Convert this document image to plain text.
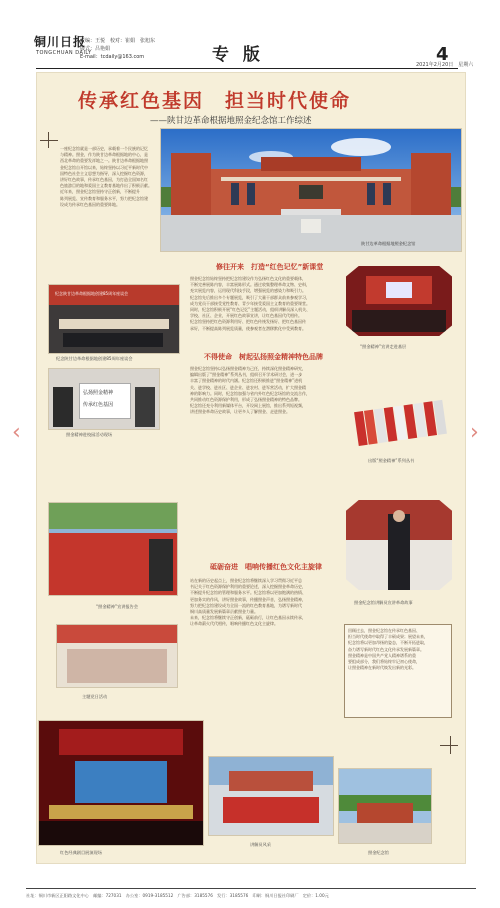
铜川日报
TONGCHUAN DAILY
责编：王悦　校对：崔娟　张旭东
版式：吕艳娟
E-mail：tcdaily@163.com	专 版	4
2021年2月20日　星期六
‹	›
传承红色基因　担当时代使命
——陕甘边革命根据地照金纪念馆工作综述
陕甘边革命根据地照金纪念馆
一座纪念馆就是一部历史，承载着一个民族的记忆
与精神。照金，作为陕甘边革命根据地的中心，是
西北革命的重要发祥地之一。陕甘边革命根据地照
金纪念馆自开馆以来，始终坚持以习近平新时代中
国特色社会主义思想为指导，深入挖掘红色资源，
讲好红色故事，传承红色基因，为打造全国知名红
色旅游目的地和爱国主义教育基地作出了积极贡献。
近年来，照金纪念馆坚持守正创新，不断提升
陈列展览、宣传教育和服务水平，努力把纪念馆建
设成为传承红色基因的重要阵地。
纪念陕甘边革命根据地创建85周年座谈会
纪念陕甘边革命根据地创建85周年座谈会
弘扬照金精神
传承红色基因
照金精神进校园活动现场
“照金精神”宣讲报告会
主题党日活动
修往开来　打造“红色记忆”新课堂
照金纪念馆始终坚持把纪念馆建设作为弘扬红色文化的重要载体，
不断完善展陈内容，丰富展陈形式。通过收集整理革命文物、史料，
充实展览内容，运用现代科技手段，增强展览的感染力和吸引力。
纪念馆先后推出多个专题展览，吸引了大量干部群众前来参观学习，
成为党员干部接受党性教育、青少年接受爱国主义教育的重要课堂。
同时，纪念馆积极开展“红色记忆”主题活动，组织讲解员深入机关、
学校、社区、企业，开展红色故事宣讲，让红色基因代代相传。
纪念馆坚持把红色资源利用好、把红色传统发扬好、把红色基因传
承好，不断提高陈列展览质量，使参观者在潜移默化中受到教育。
不得使命　树起弘扬照金精神特色品牌
照金纪念馆坚持以弘扬照金精神为己任，持续深化照金精神研究，
编辑出版了“照金精神”系列丛书，组织召开学术研讨会，进一步
丰富了照金精神的时代内涵。纪念馆还积极推进“照金精神”进机
关、进学校、进社区、进企业、进农村、进军营活动，扩大照金精
神的影响力。同时，纪念馆加强与省内外红色纪念场馆的交流合作，
共同推动红色资源保护利用，形成了弘扬照金精神的特色品牌。
纪念馆还充分利用新媒体平台，开设网上展馆，推出系列短视频，
讲述照金革命历史故事，让更多人了解照金、走进照金。
砥砺奋进　唱响传播红色文化主旋律
站在新的历史起点上，照金纪念馆将继续深入学习贯彻习近平总
书记关于红色资源保护利用的重要论述，深入挖掘照金革命历史，
不断提升纪念馆的管理和服务水平。纪念馆将以更加饱满的热情、
更加务实的作风，讲好照金故事，传播照金声音，弘扬照金精神，
努力把纪念馆建设成为全国一流的红色教育基地，为谱写新时代
铜川高质量发展新篇章贡献照金力量。
未来，纪念馆将继续守正创新，砥砺前行，让红色基因永续传承，
让革命薪火代代相传，唱响传播红色文化主旋律。
“照金精神”宣讲走进基层
出版“照金精神”系列丛书
照金纪念馆讲解员宣讲革命故事
回顾过去，照金纪念馆在传承红色基因、
担当时代使命中取得了丰硕成果；展望未来，
纪念馆将以更加昂扬的姿态，不断开拓进取，
奋力谱写新时代红色文化传承发展新篇章。
照金精神是中国共产党人精神谱系的重
要组成部分，我们将始终牢记初心使命，
让照金精神在新时代焕发出新的光彩。
红色经典剧目展演现场
讲解员风采
照金纪念馆
社址：铜川市新区正阳路文化中心　邮编：727031　办公室：0919-3185512　广告部：3185576　发行：3185576　印刷：铜川日报社印刷厂　定价：1.00元
